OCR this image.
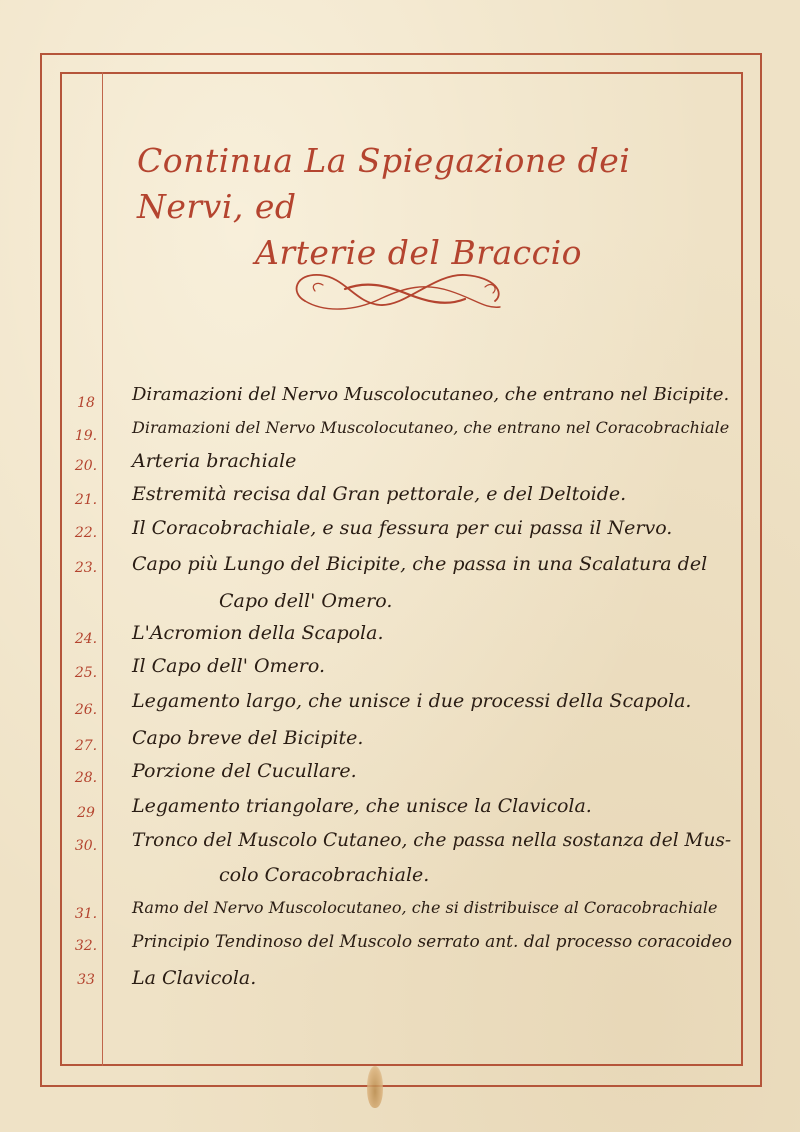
Continua La Spiegazione dei Nervi, ed
Arterie del Braccio
18	Diramazioni del Nervo Muscolocutaneo, che entrano nel Bicipite.
19.	Diramazioni del Nervo Muscolocutaneo, che entrano nel Coracobrachiale
20.	Arteria brachiale
21.	Estremità recisa dal Gran pettorale, e del Deltoide.
22.	Il Coracobrachiale, e sua fessura per cui passa il Nervo.
23.	Capo più Lungo del Bicipite, che passa in una Scalatura del
Capo dell' Omero.
24.	L'Acromion della Scapola.
25.	Il Capo dell' Omero.
26.	Legamento largo, che unisce i due processi della Scapola.
27.	Capo breve del Bicipite.
28.	Porzione del Cucullare.
29	Legamento triangolare, che unisce la Clavicola.
30.	Tronco del Muscolo Cutaneo, che passa nella sostanza del Mus-
colo Coracobrachiale.
31.	Ramo del Nervo Muscolocutaneo, che si distribuisce al Coracobrachiale
32.	Principio Tendinoso del Muscolo serrato ant. dal processo coracoideo
33	La Clavicola.
